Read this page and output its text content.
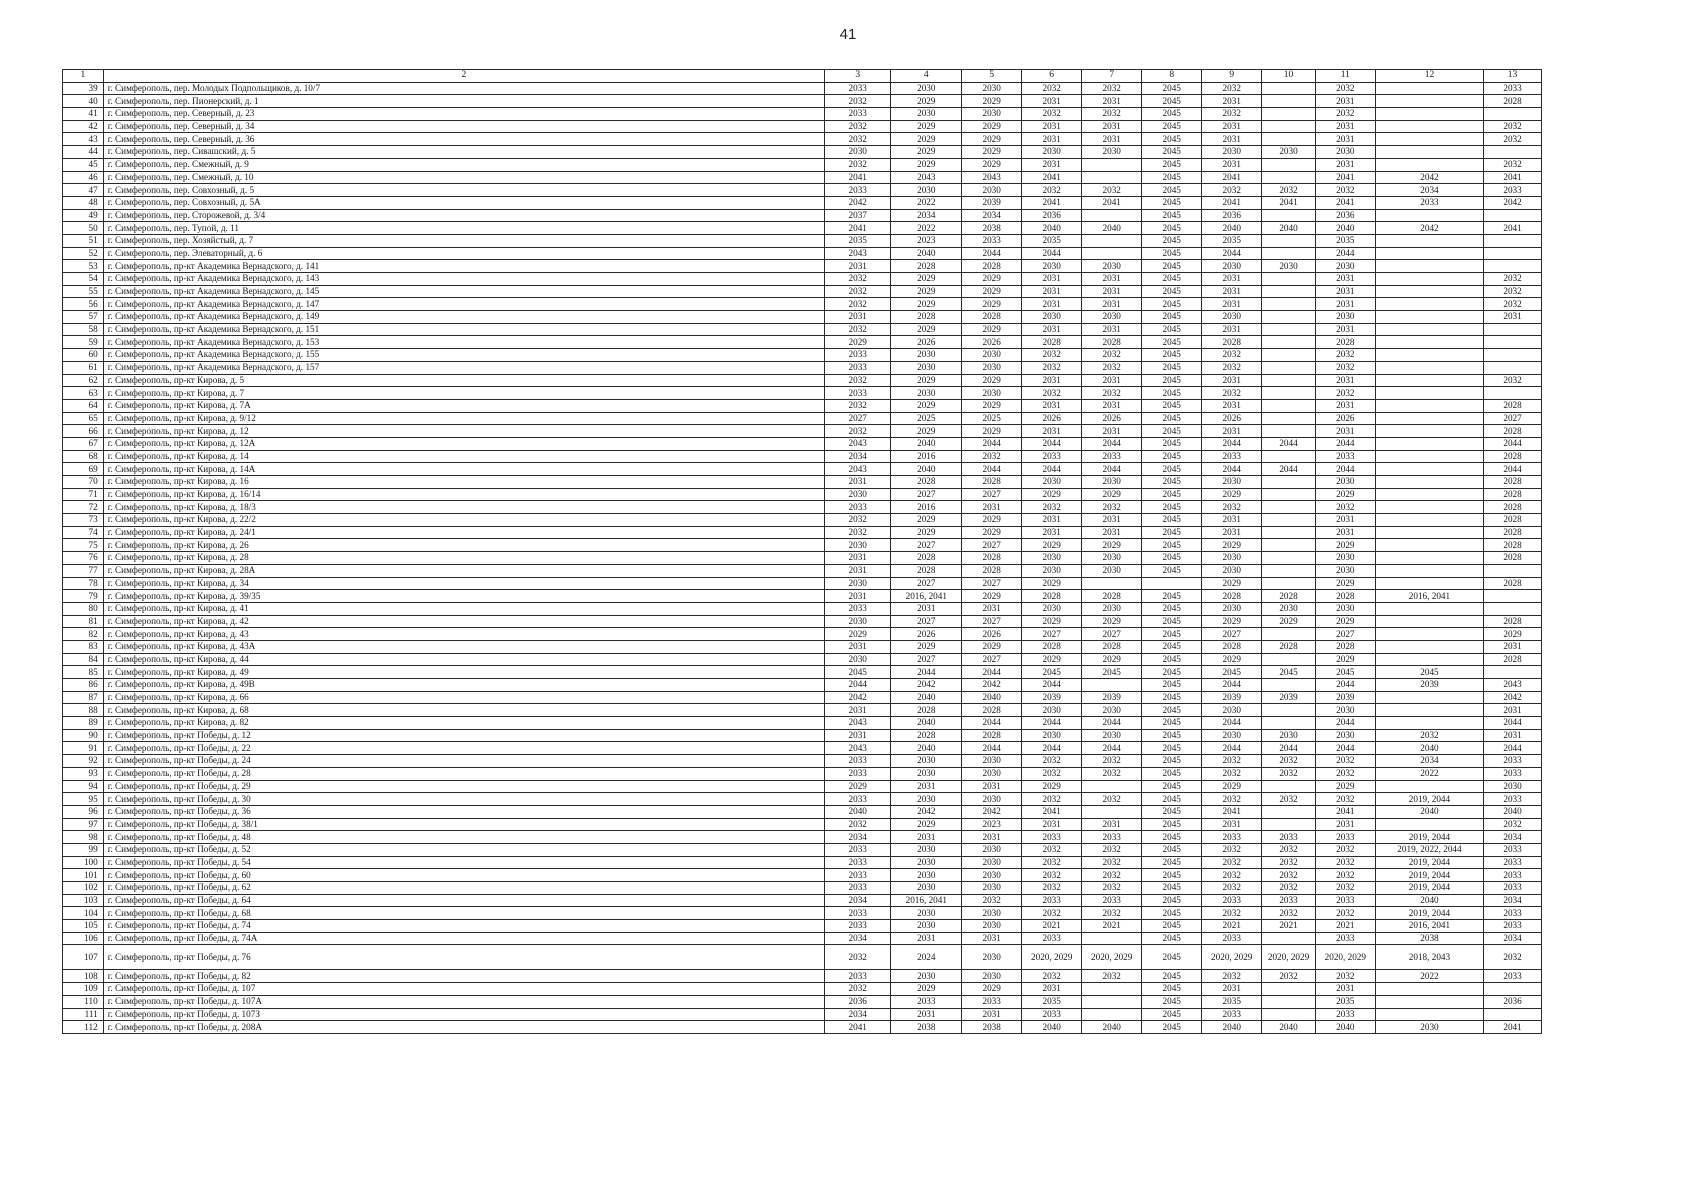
41
1	2	3	4	5	6	7	8	9	10	11	12	13
39	г. Симферополь, пер. Молодых Подпольщиков, д. 10/7	2033	2030	2030	2032	2032	2045	2032		2032		2033
40	г. Симферополь, пер. Пионерский, д. 1	2032	2029	2029	2031	2031	2045	2031		2031		2028
41	г. Симферополь, пер. Северный, д. 23	2033	2030	2030	2032	2032	2045	2032		2032		
42	г. Симферополь, пер. Северный, д. 34	2032	2029	2029	2031	2031	2045	2031		2031		2032
43	г. Симферополь, пер. Северный, д. 36	2032	2029	2029	2031	2031	2045	2031		2031		2032
44	г. Симферополь, пер. Сивашский, д. 5	2030	2029	2029	2030	2030	2045	2030	2030	2030		
45	г. Симферополь, пер. Смежный, д. 9	2032	2029	2029	2031		2045	2031		2031		2032
46	г. Симферополь, пер. Смежный, д. 10	2041	2043	2043	2041		2045	2041		2041	2042	2041
47	г. Симферополь, пер. Совхозный, д. 5	2033	2030	2030	2032	2032	2045	2032	2032	2032	2034	2033
48	г. Симферополь, пер. Совхозный, д. 5А	2042	2022	2039	2041	2041	2045	2041	2041	2041	2033	2042
49	г. Симферополь, пер. Сторожевой, д. 3/4	2037	2034	2034	2036		2045	2036		2036		
50	г. Симферополь, пер. Тупой, д. 11	2041	2022	2038	2040	2040	2045	2040	2040	2040	2042	2041
51	г. Симферополь, пер. Хозяйстый, д. 7	2035	2023	2033	2035		2045	2035		2035		
52	г. Симферополь, пер. Элеваторный, д. 6	2043	2040	2044	2044		2045	2044		2044		
53	г. Симферополь, пр-кт Академика Вернадского, д. 141	2031	2028	2028	2030	2030	2045	2030	2030	2030		
54	г. Симферополь, пр-кт Академика Вернадского, д. 143	2032	2029	2029	2031	2031	2045	2031		2031		2032
55	г. Симферополь, пр-кт Академика Вернадского, д. 145	2032	2029	2029	2031	2031	2045	2031		2031		2032
56	г. Симферополь, пр-кт Академика Вернадского, д. 147	2032	2029	2029	2031	2031	2045	2031		2031		2032
57	г. Симферополь, пр-кт Академика Вернадского, д. 149	2031	2028	2028	2030	2030	2045	2030		2030		2031
58	г. Симферополь, пр-кт Академика Вернадского, д. 151	2032	2029	2029	2031	2031	2045	2031		2031		
59	г. Симферополь, пр-кт Академика Вернадского, д. 153	2029	2026	2026	2028	2028	2045	2028		2028		
60	г. Симферополь, пр-кт Академика Вернадского, д. 155	2033	2030	2030	2032	2032	2045	2032		2032		
61	г. Симферополь, пр-кт Академика Вернадского, д. 157	2033	2030	2030	2032	2032	2045	2032		2032		
62	г. Симферополь, пр-кт Кирова, д. 5	2032	2029	2029	2031	2031	2045	2031		2031		2032
63	г. Симферополь, пр-кт Кирова, д. 7	2033	2030	2030	2032	2032	2045	2032		2032		
64	г. Симферополь, пр-кт Кирова, д. 7А	2032	2029	2029	2031	2031	2045	2031		2031		2028
65	г. Симферополь, пр-кт Кирова, д. 9/12	2027	2025	2025	2026	2026	2045	2026		2026		2027
66	г. Симферополь, пр-кт Кирова, д. 12	2032	2029	2029	2031	2031	2045	2031		2031		2028
67	г. Симферополь, пр-кт Кирова, д. 12А	2043	2040	2044	2044	2044	2045	2044	2044	2044		2044
68	г. Симферополь, пр-кт Кирова, д. 14	2034	2016	2032	2033	2033	2045	2033		2033		2028
69	г. Симферополь, пр-кт Кирова, д. 14А	2043	2040	2044	2044	2044	2045	2044	2044	2044		2044
70	г. Симферополь, пр-кт Кирова, д. 16	2031	2028	2028	2030	2030	2045	2030		2030		2028
71	г. Симферополь, пр-кт Кирова, д. 16/14	2030	2027	2027	2029	2029	2045	2029		2029		2028
72	г. Симферополь, пр-кт Кирова, д. 18/3	2033	2016	2031	2032	2032	2045	2032		2032		2028
73	г. Симферополь, пр-кт Кирова, д. 22/2	2032	2029	2029	2031	2031	2045	2031		2031		2028
74	г. Симферополь, пр-кт Кирова, д. 24/1	2032	2029	2029	2031	2031	2045	2031		2031		2028
75	г. Симферополь, пр-кт Кирова, д. 26	2030	2027	2027	2029	2029	2045	2029		2029		2028
76	г. Симферополь, пр-кт Кирова, д. 28	2031	2028	2028	2030	2030	2045	2030		2030		2028
77	г. Симферополь, пр-кт Кирова, д. 28А	2031	2028	2028	2030	2030	2045	2030		2030		
78	г. Симферополь, пр-кт Кирова, д. 34	2030	2027	2027	2029			2029		2029		2028
79	г. Симферополь, пр-кт Кирова, д. 39/35	2031	2016, 2041	2029	2028	2028	2045	2028	2028	2028	2016, 2041	
80	г. Симферополь, пр-кт Кирова, д. 41	2033	2031	2031	2030	2030	2045	2030	2030	2030		
81	г. Симферополь, пр-кт Кирова, д. 42	2030	2027	2027	2029	2029	2045	2029	2029	2029		2028
82	г. Симферополь, пр-кт Кирова, д. 43	2029	2026	2026	2027	2027	2045	2027		2027		2029
83	г. Симферополь, пр-кт Кирова, д. 43А	2031	2029	2029	2028	2028	2045	2028	2028	2028		2031
84	г. Симферополь, пр-кт Кирова, д. 44	2030	2027	2027	2029	2029	2045	2029		2029		2028
85	г. Симферополь, пр-кт Кирова, д. 49	2045	2044	2044	2045	2045	2045	2045	2045	2045	2045	
86	г. Симферополь, пр-кт Кирова, д. 49В	2044	2042	2042	2044		2045	2044		2044	2039	2043
87	г. Симферополь, пр-кт Кирова, д. 66	2042	2040	2040	2039	2039	2045	2039	2039	2039		2042
88	г. Симферополь, пр-кт Кирова, д. 68	2031	2028	2028	2030	2030	2045	2030		2030		2031
89	г. Симферополь, пр-кт Кирова, д. 82	2043	2040	2044	2044	2044	2045	2044		2044		2044
90	г. Симферополь, пр-кт Победы, д. 12	2031	2028	2028	2030	2030	2045	2030	2030	2030	2032	2031
91	г. Симферополь, пр-кт Победы, д. 22	2043	2040	2044	2044	2044	2045	2044	2044	2044	2040	2044
92	г. Симферополь, пр-кт Победы, д. 24	2033	2030	2030	2032	2032	2045	2032	2032	2032	2034	2033
93	г. Симферополь, пр-кт Победы, д. 28	2033	2030	2030	2032	2032	2045	2032	2032	2032	2022	2033
94	г. Симферополь, пр-кт Победы, д. 29	2029	2031	2031	2029		2045	2029		2029		2030
95	г. Симферополь, пр-кт Победы, д. 30	2033	2030	2030	2032	2032	2045	2032	2032	2032	2019, 2044	2033
96	г. Симферополь, пр-кт Победы, д. 36	2040	2042	2042	2041		2045	2041		2041	2040	2040
97	г. Симферополь, пр-кт Победы, д. 38/1	2032	2029	2023	2031	2031	2045	2031		2031		2032
98	г. Симферополь, пр-кт Победы, д. 48	2034	2031	2031	2033	2033	2045	2033	2033	2033	2019, 2044	2034
99	г. Симферополь, пр-кт Победы, д. 52	2033	2030	2030	2032	2032	2045	2032	2032	2032	2019, 2022, 2044	2033
100	г. Симферополь, пр-кт Победы, д. 54	2033	2030	2030	2032	2032	2045	2032	2032	2032	2019, 2044	2033
101	г. Симферополь, пр-кт Победы, д. 60	2033	2030	2030	2032	2032	2045	2032	2032	2032	2019, 2044	2033
102	г. Симферополь, пр-кт Победы, д. 62	2033	2030	2030	2032	2032	2045	2032	2032	2032	2019, 2044	2033
103	г. Симферополь, пр-кт Победы, д. 64	2034	2016, 2041	2032	2033	2033	2045	2033	2033	2033	2040	2034
104	г. Симферополь, пр-кт Победы, д. 68	2033	2030	2030	2032	2032	2045	2032	2032	2032	2019, 2044	2033
105	г. Симферополь, пр-кт Победы, д. 74	2033	2030	2030	2021	2021	2045	2021	2021	2021	2016, 2041	2033
106	г. Симферополь, пр-кт Победы, д. 74А	2034	2031	2031	2033		2045	2033		2033	2038	2034
107	г. Симферополь, пр-кт Победы, д. 76	2032	2024	2030	2020, 2029	2020, 2029	2045	2020, 2029	2020, 2029	2020, 2029	2018, 2043	2032
108	г. Симферополь, пр-кт Победы, д. 82	2033	2030	2030	2032	2032	2045	2032	2032	2032	2022	2033
109	г. Симферополь, пр-кт Победы, д. 107	2032	2029	2029	2031		2045	2031		2031		
110	г. Симферополь, пр-кт Победы, д. 107А	2036	2033	2033	2035		2045	2035		2035		2036
111	г. Симферополь, пр-кт Победы, д. 107З	2034	2031	2031	2033		2045	2033		2033		
112	г. Симферополь, пр-кт Победы, д. 208А	2041	2038	2038	2040	2040	2045	2040	2040	2040	2030	2041
